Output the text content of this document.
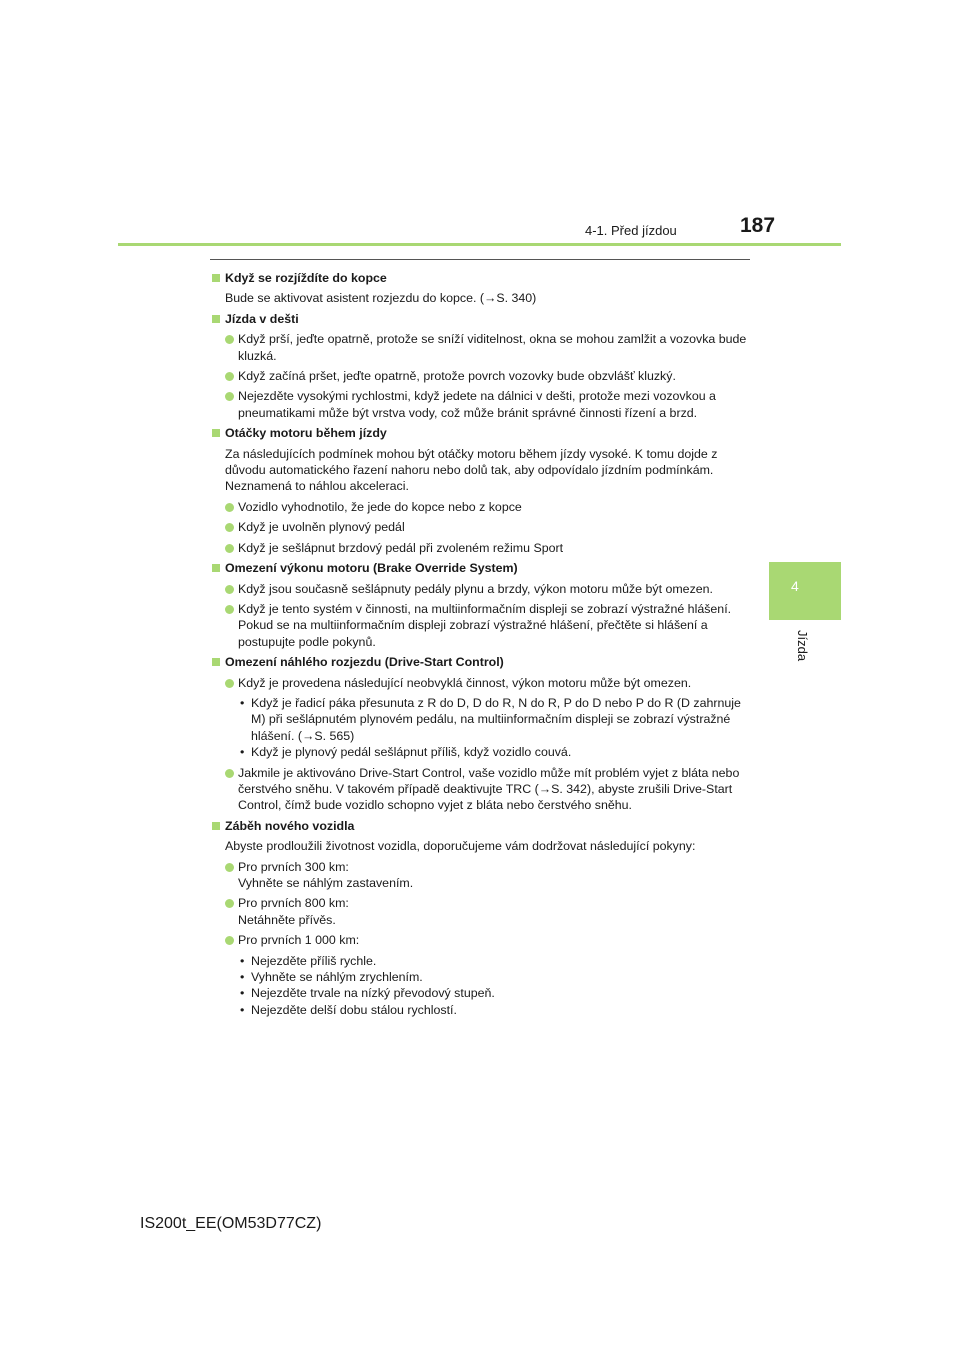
4-1. Před jízdou	187
4
Jízda
Když se rozjíždíte do kopce
Bude se aktivovat asistent rozjezdu do kopce. (→S. 340)
Jízda v dešti
Když prší, jeďte opatrně, protože se sníží viditelnost, okna se mohou zamlžit a vozovka bude kluzká.
Když začíná pršet, jeďte opatrně, protože povrch vozovky bude obzvlášť kluzký.
Nejezděte vysokými rychlostmi, když jedete na dálnici v dešti, protože mezi vozovkou a pneumatikami může být vrstva vody, což může bránit správné činnosti řízení a brzd.
Otáčky motoru během jízdy
Za následujících podmínek mohou být otáčky motoru během jízdy vysoké. K tomu dojde z důvodu automatického řazení nahoru nebo dolů tak, aby odpovídalo jízdním podmínkám. Neznamená to náhlou akceleraci.
Vozidlo vyhodnotilo, že jede do kopce nebo z kopce
Když je uvolněn plynový pedál
Když je sešlápnut brzdový pedál při zvoleném režimu Sport
Omezení výkonu motoru (Brake Override System)
Když jsou současně sešlápnuty pedály plynu a brzdy, výkon motoru může být omezen.
Když je tento systém v činnosti, na multiinformačním displeji se zobrazí výstražné hlášení. Pokud se na multiinformačním displeji zobrazí výstražné hlášení, přečtěte si hlášení a postupujte podle pokynů.
Omezení náhlého rozjezdu (Drive-Start Control)
Když je provedena následující neobvyklá činnost, výkon motoru může být omezen.
• Když je řadicí páka přesunuta z R do D, D do R, N do R, P do D nebo P do R (D zahrnuje M) při sešlápnutém plynovém pedálu, na multiinformačním displeji se zobrazí výstražné hlášení. (→S. 565)
• Když je plynový pedál sešlápnut příliš, když vozidlo couvá.
Jakmile je aktivováno Drive-Start Control, vaše vozidlo může mít problém vyjet z bláta nebo čerstvého sněhu. V takovém případě deaktivujte TRC (→S. 342), abyste zrušili Drive-Start Control, čímž bude vozidlo schopno vyjet z bláta nebo čerstvého sněhu.
Záběh nového vozidla
Abyste prodloužili životnost vozidla, doporučujeme vám dodržovat následující pokyny:
Pro prvních 300 km:
Vyhněte se náhlým zastavením.
Pro prvních 800 km:
Netáhněte přívěs.
Pro prvních 1 000 km:
• Nejezděte příliš rychle.
• Vyhněte se náhlým zrychlením.
• Nejezděte trvale na nízký převodový stupeň.
• Nejezděte delší dobu stálou rychlostí.
IS200t_EE(OM53D77CZ)
